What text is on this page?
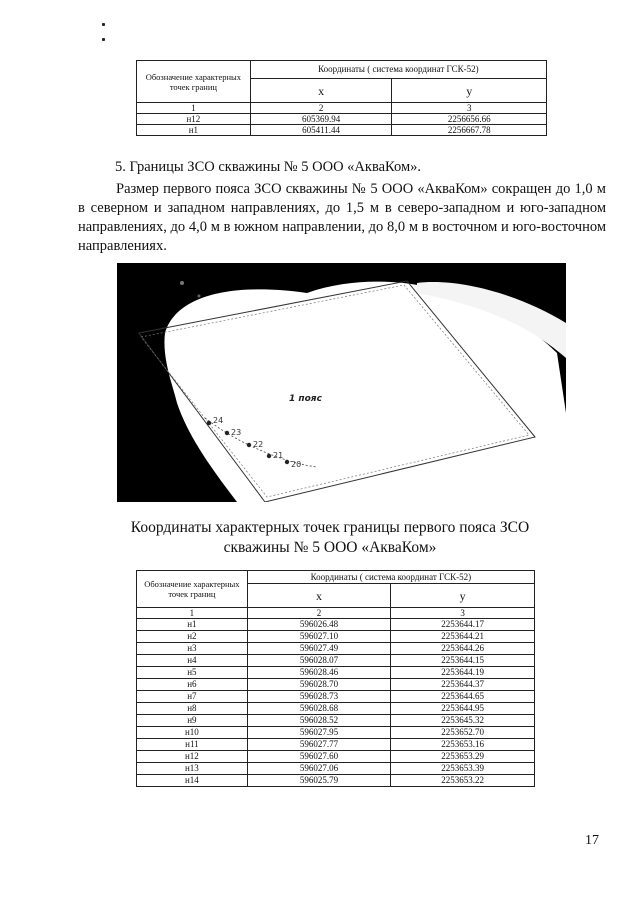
Обозначение характерных точек границ	Координаты ( система координат ГСК-52)	
	х	у
1	2	3
н12	605369.94	2256656.66
н1	605411.44	2256667.78
5. Границы ЗСО скважины № 5 ООО «АкваКом».
Размер первого пояса ЗСО скважины № 5 ООО «АкваКом» сокращен до 1,0 м в северном и западном направлениях, до 1,5 м в северо-западном и юго-западном направлениях, до 4,0 м в южном направлении, до 8,0 м в восточном и юго-восточном направлениях.
24
23
22
21
20
1 пояс
Координаты характерных точек границы первого пояса ЗСО скважины № 5 ООО «АкваКом»
Обозначение характерных точек границ	Координаты ( система координат ГСК-52)	
	х	у
1	2	3
н1	596026.48	2253644.17
н2	596027.10	2253644.21
н3	596027.49	2253644.26
н4	596028.07	2253644.15
н5	596028.46	2253644.19
н6	596028.70	2253644.37
н7	596028.73	2253644.65
н8	596028.68	2253644.95
н9	596028.52	2253645.32
н10	596027.95	2253652.70
н11	596027.77	2253653.16
н12	596027.60	2253653.29
н13	596027.06	2253653.39
н14	596025.79	2253653.22
17
